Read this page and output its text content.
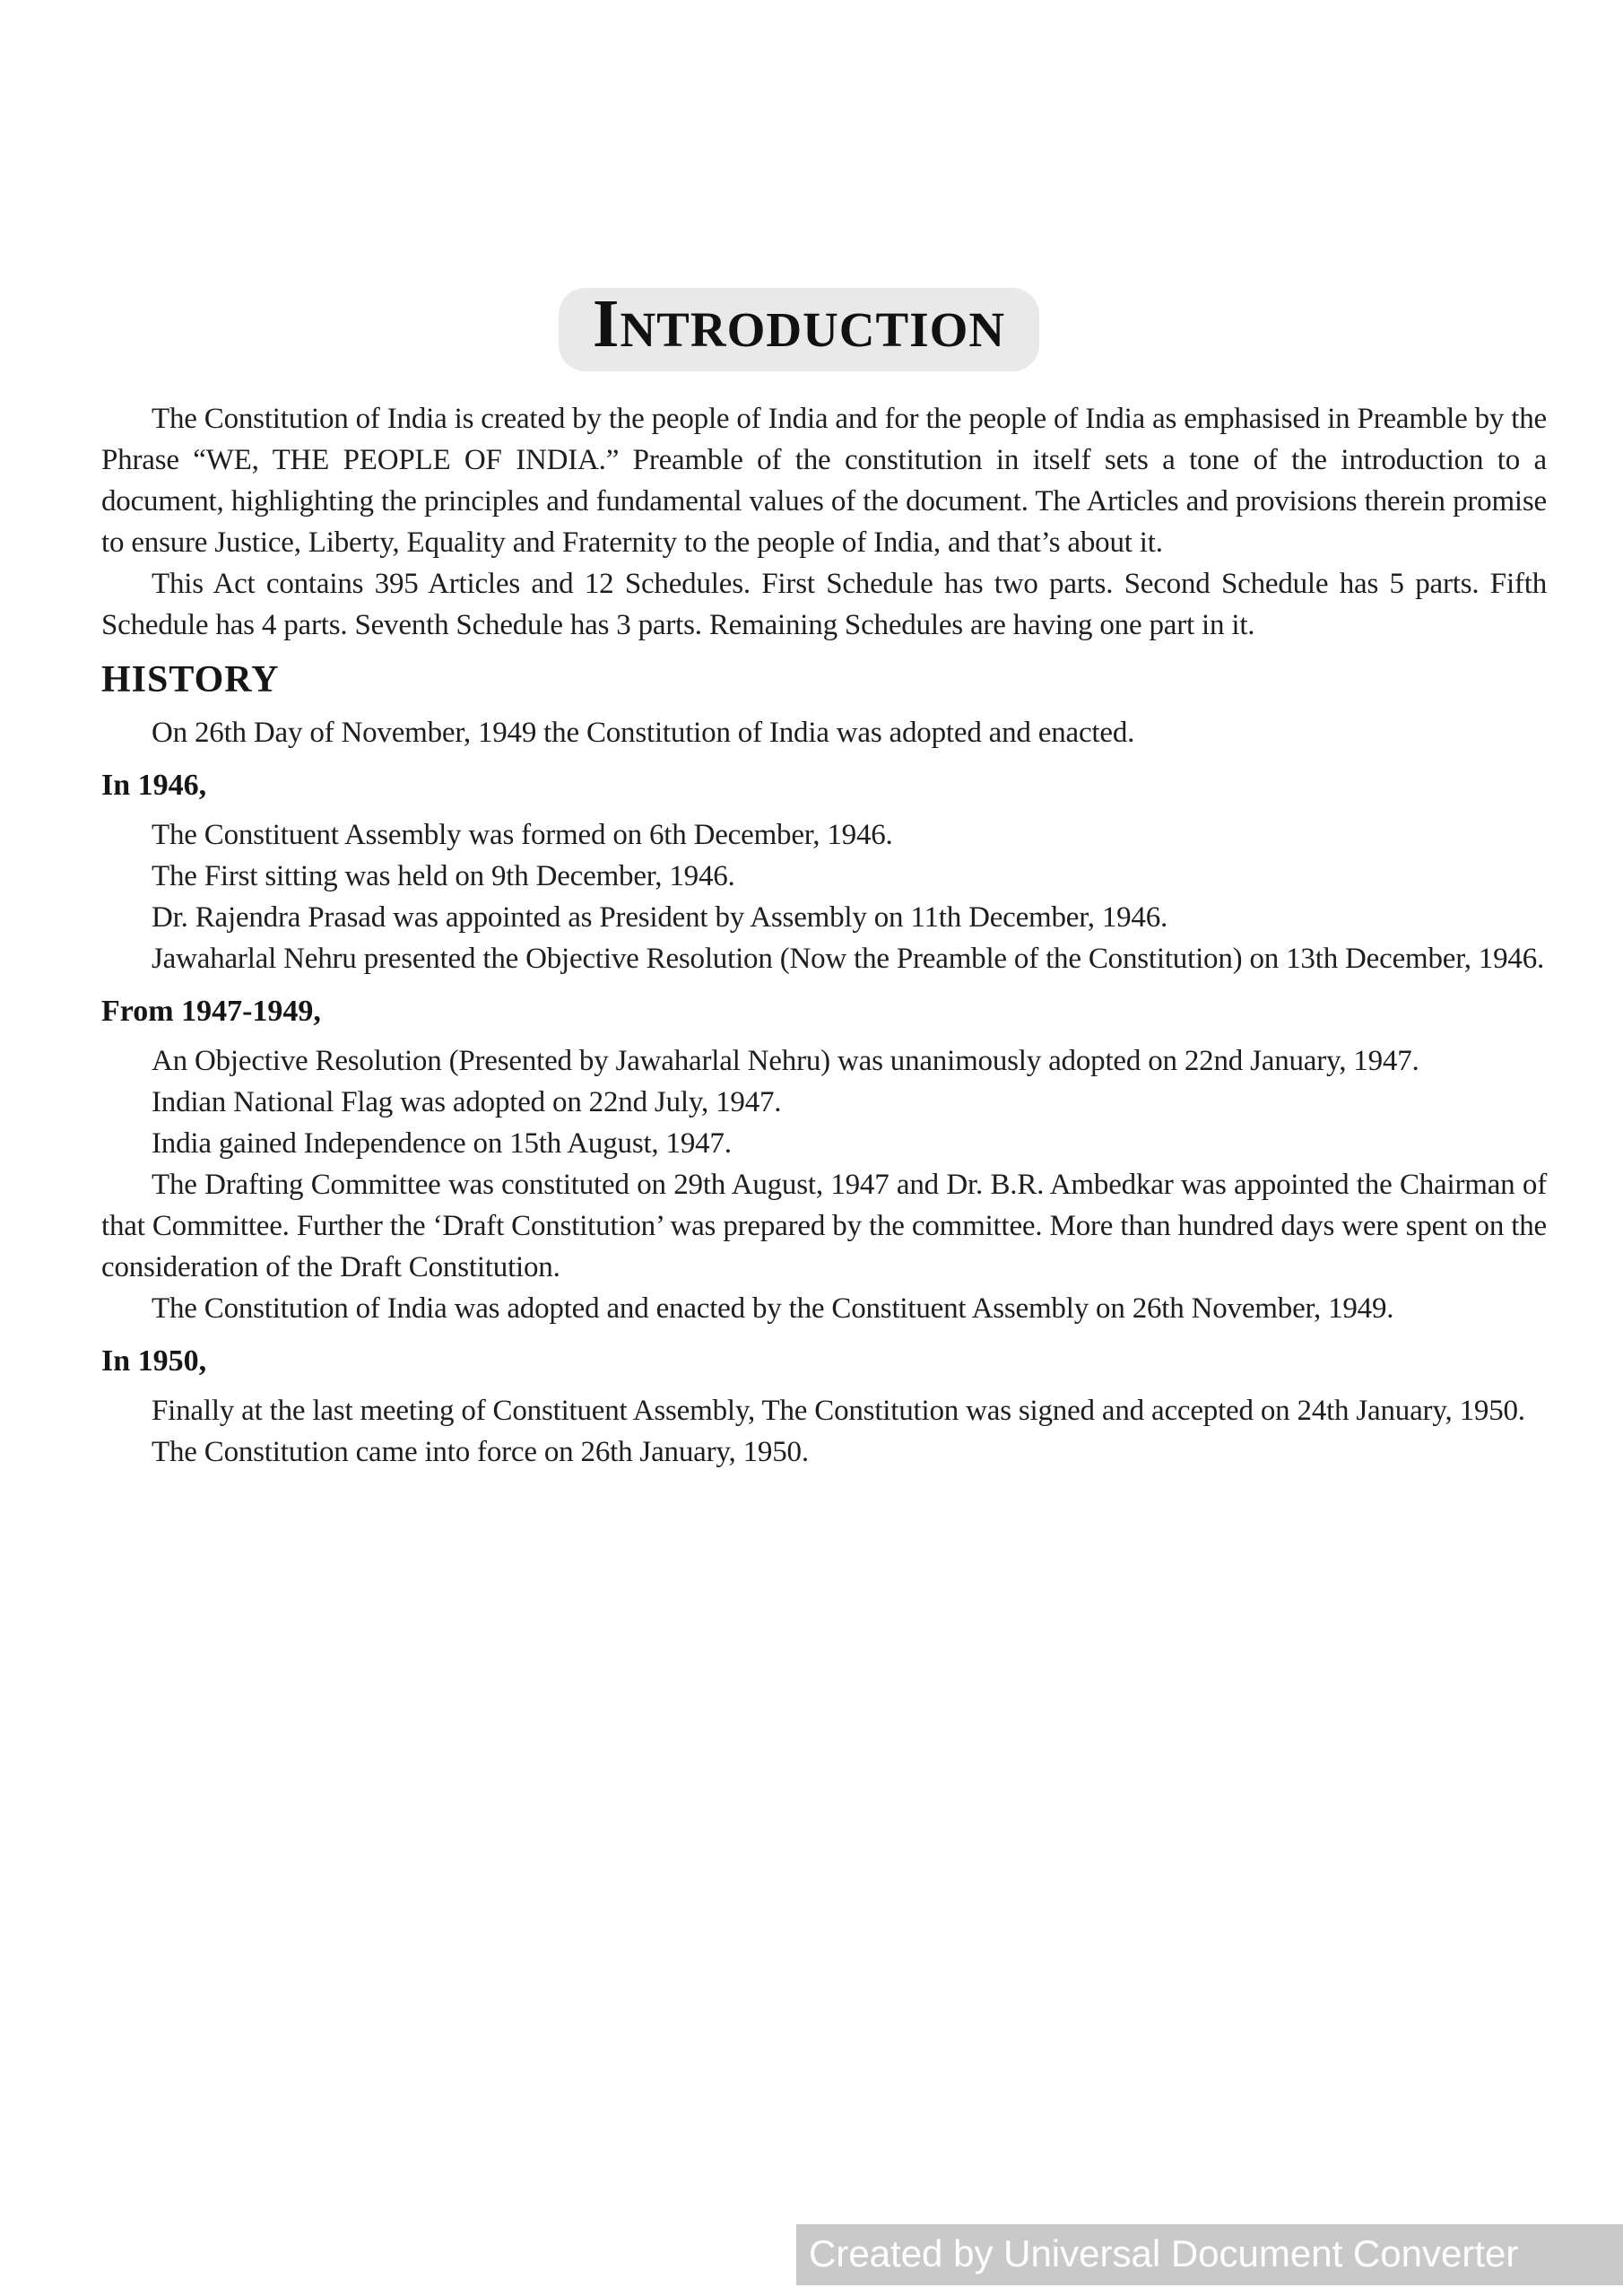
INTRODUCTION

The Constitution of India is created by the people of India and for the people of India as emphasised in Preamble by the Phrase “WE, THE PEOPLE OF INDIA.” Preamble of the constitution in itself sets a tone of the introduction to a document, highlighting the principles and fundamental values of the document. The Articles and provisions therein promise to ensure Justice, Liberty, Equality and Fraternity to the people of India, and that’s about it.

This Act contains 395 Articles and 12 Schedules. First Schedule has two parts. Second Schedule has 5 parts. Fifth Schedule has 4 parts. Seventh Schedule has 3 parts. Remaining Schedules are having one part in it.

HISTORY

On 26th Day of November, 1949 the Constitution of India was adopted and enacted.

In 1946,

The Constituent Assembly was formed on 6th December, 1946.

The First sitting was held on 9th December, 1946.

Dr. Rajendra Prasad was appointed as President by Assembly on 11th December, 1946.

Jawaharlal Nehru presented the Objective Resolution (Now the Preamble of the Constitution) on 13th December, 1946.

From 1947-1949,

An Objective Resolution (Presented by Jawaharlal Nehru) was unanimously adopted on 22nd January, 1947.

Indian National Flag was adopted on 22nd July, 1947.

India gained Independence on 15th August, 1947.

The Drafting Committee was constituted on 29th August, 1947 and Dr. B.R. Ambedkar was appointed the Chairman of that Committee. Further the ‘Draft Constitution’ was prepared by the committee. More than hundred days were spent on the consideration of the Draft Constitution.

The Constitution of India was adopted and enacted by the Constituent Assembly on 26th November, 1949.

In 1950,

Finally at the last meeting of Constituent Assembly, The Constitution was signed and accepted on 24th January, 1950.

The Constitution came into force on 26th January, 1950.

Created by Universal Document Converter
